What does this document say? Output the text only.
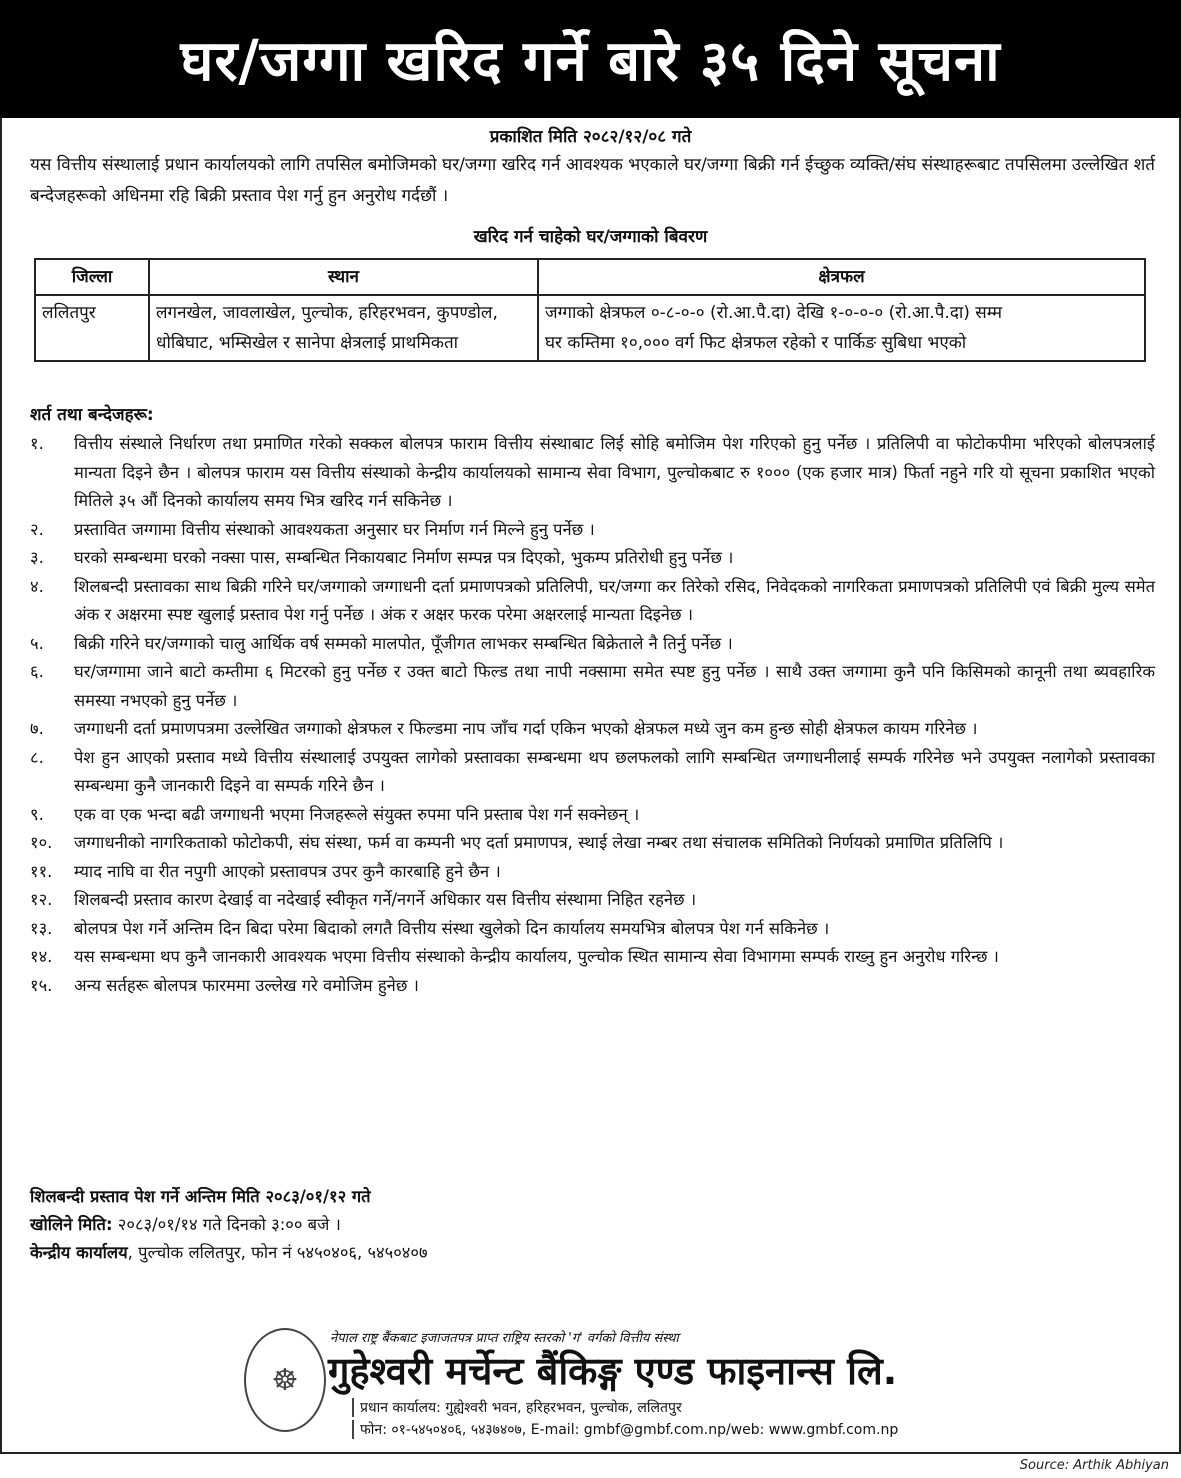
घर/जग्गा खरिद गर्ने बारे ३५ दिने सूचना
प्रकाशित मिति २०८२/१२/०८ गते
यस वित्तीय संस्थालाई प्रधान कार्यालयको लागि तपसिल बमोजिमको घर/जग्गा खरिद गर्न आवश्यक भएकाले घर/जग्गा बिक्री गर्न ईच्छुक व्यक्ति/संघ संस्थाहरूबाट तपसिलमा उल्लेखित शर्त बन्देजहरूको अधिनमा रहि बिक्री प्रस्ताव पेश गर्नु हुन अनुरोध गर्दछौं ।
खरिद गर्न चाहेको घर/जग्गाको बिवरण
जिल्ला	स्थान	क्षेत्रफल
ललितपुर	लगनखेल, जावलाखेल, पुल्चोक, हरिहरभवन, कुपण्डोल, धोबिघाट, भम्सिखेल र सानेपा क्षेत्रलाई प्राथमिकता	जग्गाको क्षेत्रफल ०-८-०-० (रो.आ.पै.दा) देखि १-०-०-० (रो.आ.पै.दा) सम्म
घर कम्तिमा १०,००० वर्ग फिट क्षेत्रफल रहेको र पार्किङ सुबिधा भएको
शर्त तथा बन्देजहरू:
१.	वित्तीय संस्थाले निर्धारण तथा प्रमाणित गरेको सक्कल बोलपत्र फाराम वित्तीय संस्थाबाट लिई सोहि बमोजिम पेश गरिएको हुनु पर्नेछ । प्रतिलिपी वा फोटोकपीमा भरिएको बोलपत्रलाई मान्यता दिइने छैन । बोलपत्र फाराम यस वित्तीय संस्थाको केन्द्रीय कार्यालयको सामान्य सेवा विभाग, पुल्चोकबाट रु १००० (एक हजार मात्र) फिर्ता नहुने गरि यो सूचना प्रकाशित भएको मितिले ३५ औं दिनको कार्यालय समय भित्र खरिद गर्न सकिनेछ ।
२.	प्रस्तावित जग्गामा वित्तीय संस्थाको आवश्यकता अनुसार घर निर्माण गर्न मिल्ने हुनु पर्नेछ ।
३.	घरको सम्बन्धमा घरको नक्सा पास, सम्बन्धित निकायबाट निर्माण सम्पन्न पत्र दिएको, भुकम्प प्रतिरोधी हुनु पर्नेछ ।
४.	शिलबन्दी प्रस्तावका साथ बिक्री गरिने घर/जग्गाको जग्गाधनी दर्ता प्रमाणपत्रको प्रतिलिपी, घर/जग्गा कर तिरेको रसिद, निवेदकको नागरिकता प्रमाणपत्रको प्रतिलिपी एवं बिक्री मुल्य समेत अंक र अक्षरमा स्पष्ट खुलाई प्रस्ताव पेश गर्नु पर्नेछ । अंक र अक्षर फरक परेमा अक्षरलाई मान्यता दिइनेछ ।
५.	बिक्री गरिने घर/जग्गाको चालु आर्थिक वर्ष सम्मको मालपोत, पूँजीगत लाभकर सम्बन्धित बिक्रेताले नै तिर्नु पर्नेछ ।
६.	घर/जग्गामा जाने बाटो कम्तीमा ६ मिटरको हुनु पर्नेछ र उक्त बाटो फिल्ड तथा नापी नक्सामा समेत स्पष्ट हुनु पर्नेछ । साथै उक्त जग्गामा कुनै पनि किसिमको कानूनी तथा ब्यवहारिक समस्या नभएको हुनु पर्नेछ ।
७.	जग्गाधनी दर्ता प्रमाणपत्रमा उल्लेखित जग्गाको क्षेत्रफल र फिल्डमा नाप जाँच गर्दा एकिन भएको क्षेत्रफल मध्ये जुन कम हुन्छ सोही क्षेत्रफल कायम गरिनेछ ।
८.	पेश हुन आएको प्रस्ताव मध्ये वित्तीय संस्थालाई उपयुक्त लागेको प्रस्तावका सम्बन्धमा थप छलफलको लागि सम्बन्धित जग्गाधनीलाई सम्पर्क गरिनेछ भने उपयुक्त नलागेको प्रस्तावका सम्बन्धमा कुनै जानकारी दिइने वा सम्पर्क गरिने छैन ।
९.	एक वा एक भन्दा बढी जग्गाधनी भएमा निजहरूले संयुक्त रुपमा पनि प्रस्ताब पेश गर्न सक्नेछन् ।
१०.	जग्गाधनीको नागरिकताको फोटोकपी, संघ संस्था, फर्म वा कम्पनी भए दर्ता प्रमाणपत्र, स्थाई लेखा नम्बर तथा संचालक समितिको निर्णयको प्रमाणित प्रतिलिपि ।
११.	म्याद नाघि वा रीत नपुगी आएको प्रस्तावपत्र उपर कुनै कारबाहि हुने छैन ।
१२.	शिलबन्दी प्रस्ताव कारण देखाई वा नदेखाई स्वीकृत गर्ने/नगर्ने अधिकार यस वित्तीय संस्थामा निहित रहनेछ ।
१३.	बोलपत्र पेश गर्ने अन्तिम दिन बिदा परेमा बिदाको लगतै वित्तीय संस्था खुलेको दिन कार्यालय समयभित्र बोलपत्र पेश गर्न सकिनेछ ।
१४.	यस सम्बन्धमा थप कुनै जानकारी आवश्यक भएमा वित्तीय संस्थाको केन्द्रीय कार्यालय, पुल्चोक स्थित सामान्य सेवा विभागमा सम्पर्क राख्नु हुन अनुरोध गरिन्छ ।
१५.	अन्य सर्तहरू बोलपत्र फारममा उल्लेख गरे वमोजिम हुनेछ ।
शिलबन्दी प्रस्ताव पेश गर्ने अन्तिम मिति २०८३/०१/१२ गते
खोलिने मिति: २०८३/०१/१४ गते दिनको ३:०० बजे ।
केन्द्रीय कार्यालय, पुल्चोक ललितपुर, फोन नं ५४५०४०६, ५४५०४०७
☸
नेपाल राष्ट्र बैंकबाट इजाजतपत्र प्राप्त राष्ट्रिय स्तरको 'ग' वर्गको वित्तीय संस्था
गुहेश्वरी मर्चेन्ट बैंकिङ्ग एण्ड फाइनान्स लि.
प्रधान कार्यालय: गुह्येश्वरी भवन, हरिहरभवन, पुल्चोक, ललितपुर
फोन: ०१-५४५०४०६, ५४३७४०७, E-mail: gmbf@gmbf.com.np/web: www.gmbf.com.np
Source: Arthik Abhiyan
